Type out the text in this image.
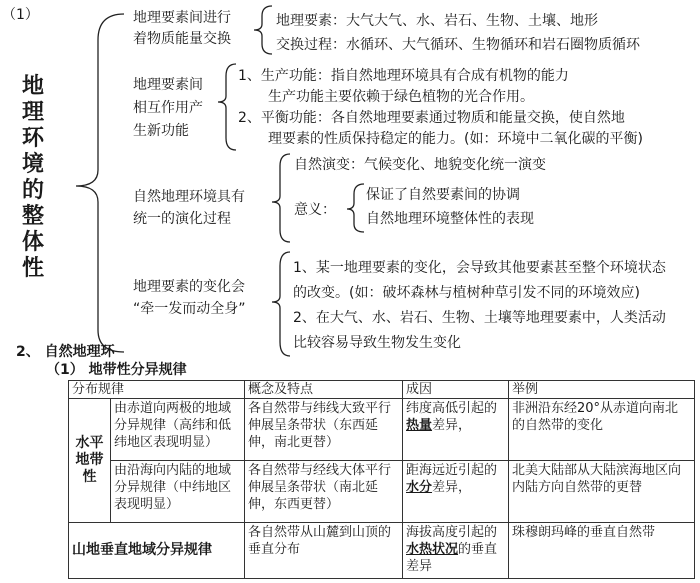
（1）
地
理
环
境
的
整
体
性
地理要素间进行
着物质能量交换
地理要素：大气大气、水、岩石、生物、土壤、地形
交换过程：水循环、大气循环、生物循环和岩石圈物质循环
地理要素间
相互作用产
生新功能
1、生产功能：指自然地理环境具有合成有机物的能力
生产功能主要依赖于绿色植物的光合作用。
2、平衡功能：各自然地理要素通过物质和能量交换，使自然地
理要素的性质保持稳定的能力。(如：环境中二氧化碳的平衡)
自然地理环境具有
统一的演化过程
自然演变：气候变化、地貌变化统一演变
意义：
保证了自然要素间的协调
自然地理环境整体性的表现
地理要素的变化会
“牵一发而动全身”
1、某一地理要素的变化，会导致其他要素甚至整个环境状态
的改变。(如：破坏森林与植树种草引发不同的环境效应)
2、在大气、水、岩石、生物、土壤等地理要素中，人类活动
比较容易导致生物发生变化
2、 自然地理环
（1） 地带性分异规律
分布规律		概念及特点	成因	举例

水平
地带
性	由赤道向两极的地域分异规律（高纬和低纬地区表现明显）	各自然带与纬线大致平行伸展呈条带状（东西延伸，南北更替）	纬度高低引起的热量差异，	非洲沿东经20°从赤道向南北的自然带的变化
	由沿海向内陆的地域分异规律（中纬地区表现明显）	各自然带与经线大体平行伸展呈条带状（南北延伸，东西更替）	距海远近引起的水分差异，	北美大陆部从大陆滨海地区向内陆方向自然带的更替
山地垂直地域分异规律		各自然带从山麓到山顶的垂直分布	海拔高度引起的水热状况的垂直差异	珠穆朗玛峰的垂直自然带
